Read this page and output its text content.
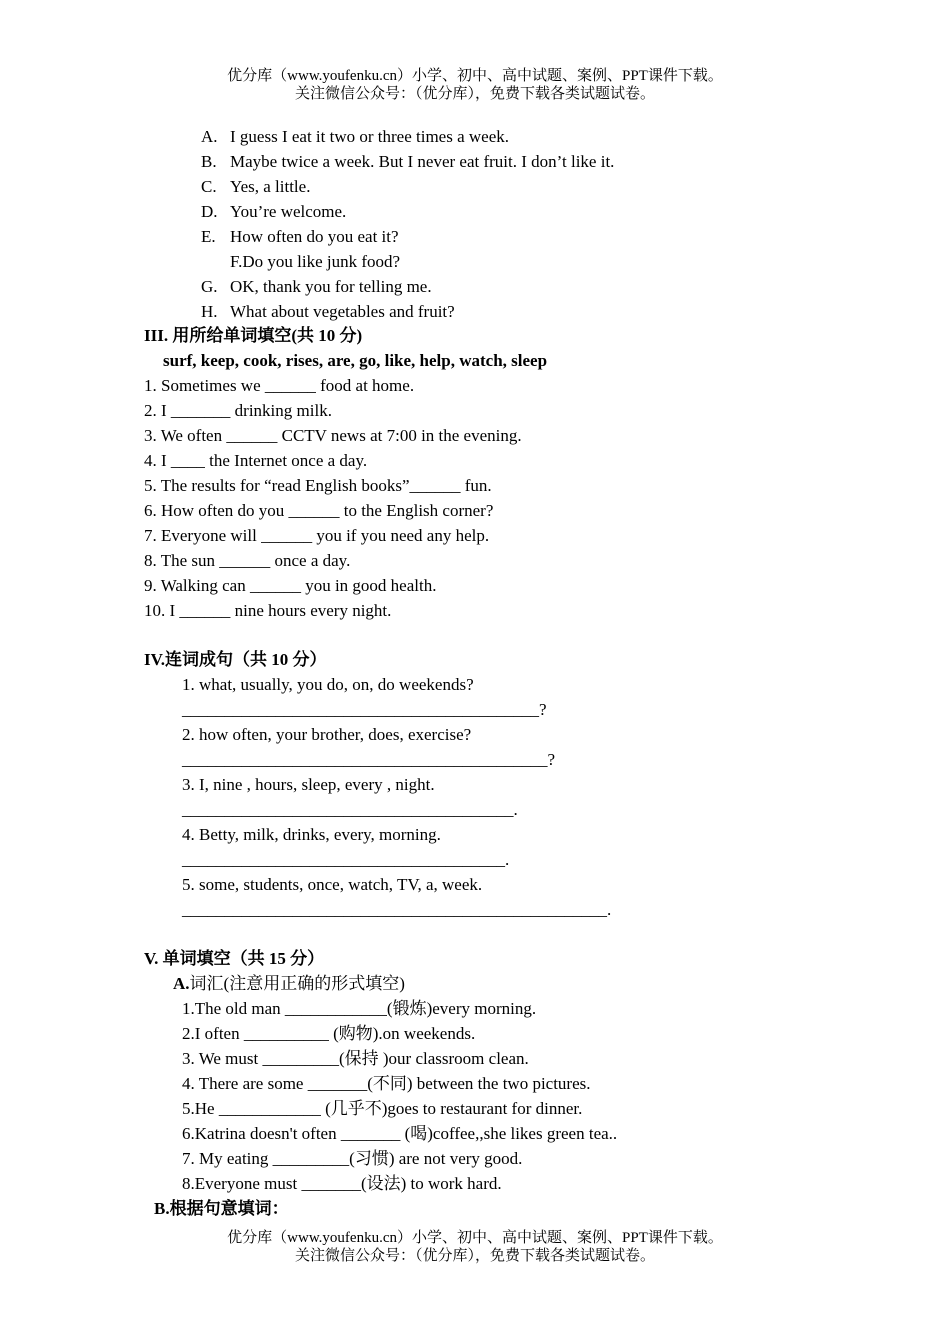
优分库（www.youfenku.cn）小学、初中、高中试题、案例、PPT课件下载。
关注微信公众号：（优分库），免费下载各类试题试卷。
A. I guess I eat it two or three times a week.
B. Maybe twice a week. But I never eat fruit. I don’t like it.
C. Yes, a little.
D. You’re welcome.
E. How often do you eat it?
F.Do you like junk food?
G. OK, thank you for telling me.
H. What about vegetables and fruit?
III. 用所给单词填空(共 10 分)
surf, keep, cook, rises, are, go, like, help, watch, sleep
1. Sometimes we ______ food at home.
2. I _______ drinking milk.
3. We often ______ CCTV news at 7:00 in the evening.
4. I ____ the Internet once a day.
5. The results for “read English books”______ fun.
6. How often do you ______ to the English corner?
7. Everyone will ______ you if you need any help.
8. The sun ______ once a day.
9. Walking can ______ you in good health.
10. I ______ nine hours every night.
IV.连词成句（共 10 分）
1. what, usually, you do, on, do weekends?
__________________________________________?
2. how often, your brother, does, exercise?
___________________________________________?
3. I, nine , hours, sleep, every , night.
_______________________________________.
4. Betty, milk, drinks, every, morning.
______________________________________.
5. some, students, once, watch, TV, a, week.
__________________________________________________.
V. 单词填空（共 15 分）
A.词汇(注意用正确的形式填空)
1.The old man ____________(锻炼)every morning.
2.I often __________ (购物).on weekends.
3. We must _________(保持 )our classroom clean.
4. There are some _______(不同) between the two pictures.
5.He ____________ (几乎不)goes to restaurant for dinner.
6.Katrina doesn't often _______ (喝)coffee,,she likes green tea..
7. My eating _________(习惯) are not very good.
8.Everyone must _______(设法) to work hard.
B.根据句意填词：
优分库（www.youfenku.cn）小学、初中、高中试题、案例、PPT课件下载。
关注微信公众号：（优分库），免费下载各类试题试卷。
